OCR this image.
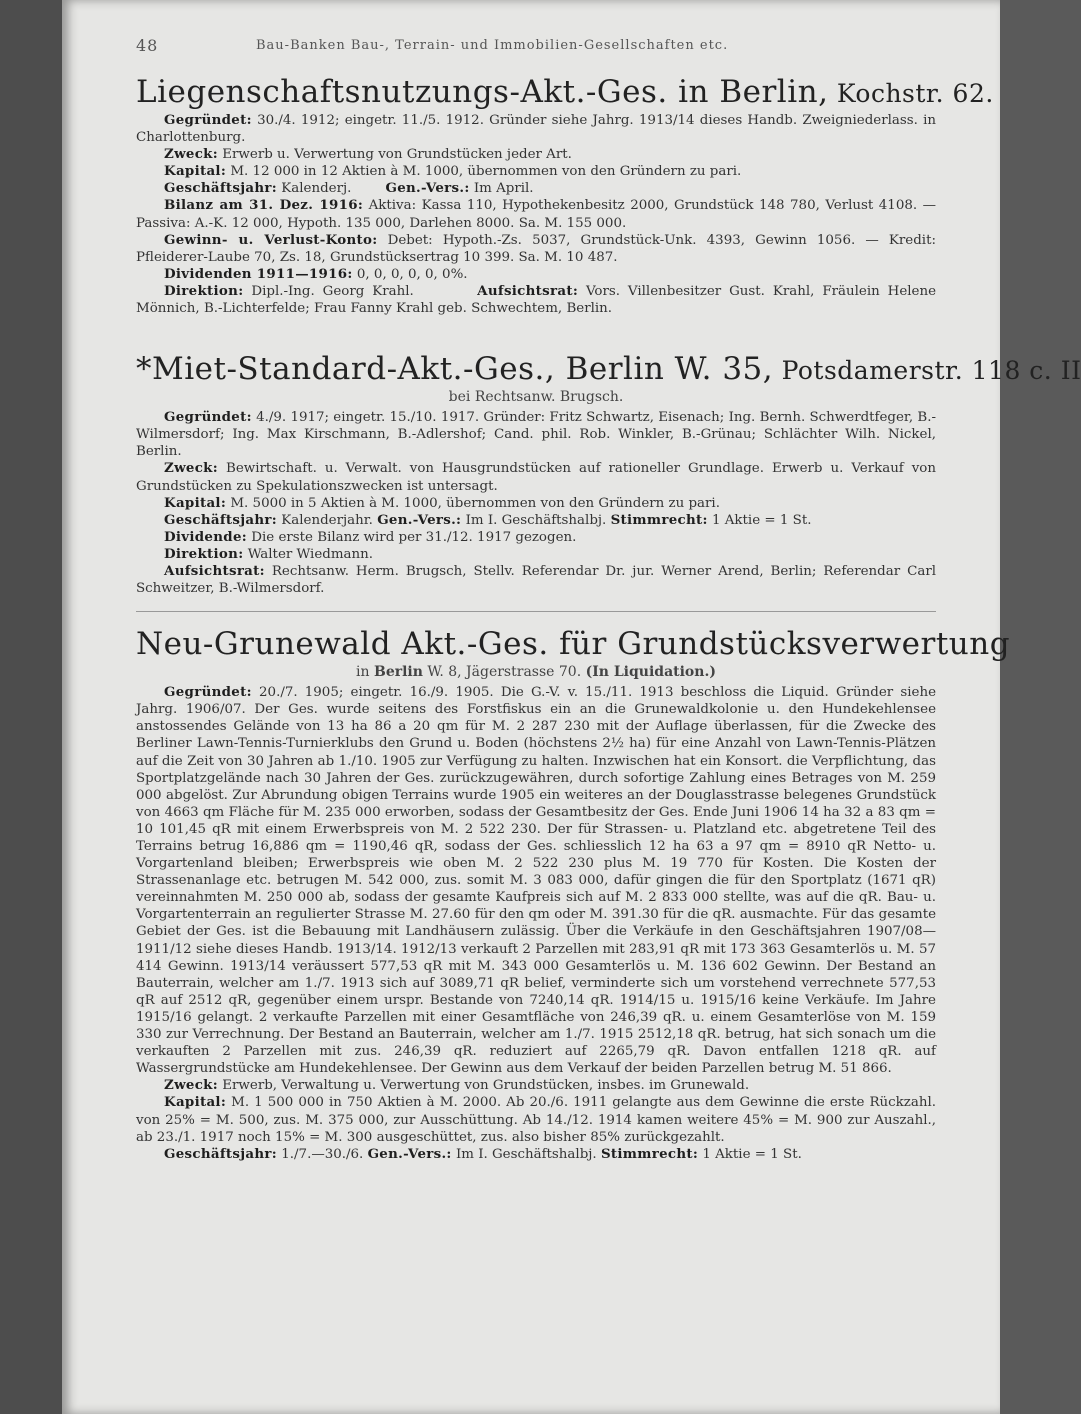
48	Bau-Banken Bau-, Terrain- und Immobilien-Gesellschaften etc.
Liegenschaftsnutzungs-Akt.-Ges. in Berlin, Kochstr. 62.

Gegründet: 30./4. 1912; eingetr. 11./5. 1912. Gründer siehe Jahrg. 1913/14 dieses Handb. Zweigniederlass. in Charlottenburg.

Zweck: Erwerb u. Verwertung von Grundstücken jeder Art.

Kapital: M. 12 000 in 12 Aktien à M. 1000, übernommen von den Gründern zu pari.

Geschäftsjahr: Kalenderj.	Gen.-Vers.: Im April.

Bilanz am 31. Dez. 1916: Aktiva: Kassa 110, Hypothekenbesitz 2000, Grundstück 148 780, Verlust 4108. — Passiva: A.-K. 12 000, Hypoth. 135 000, Darlehen 8000. Sa. M. 155 000.

Gewinn- u. Verlust-Konto: Debet: Hypoth.-Zs. 5037, Grundstück-Unk. 4393, Gewinn 1056. — Kredit: Pfleiderer-Laube 70, Zs. 18, Grundstücksertrag 10 399. Sa. M. 10 487.

Dividenden 1911—1916: 0, 0, 0, 0, 0, 0%.

Direktion: Dipl.-Ing. Georg Krahl.	Aufsichtsrat: Vors. Villenbesitzer Gust. Krahl, Fräulein Helene Mönnich, B.-Lichterfelde; Frau Fanny Krahl geb. Schwechtem, Berlin.

*Miet-Standard-Akt.-Ges., Berlin W. 35, Potsdamerstr. 118 c. II
bei Rechtsanw. Brugsch.

Gegründet: 4./9. 1917; eingetr. 15./10. 1917. Gründer: Fritz Schwartz, Eisenach; Ing. Bernh. Schwerdtfeger, B.-Wilmersdorf; Ing. Max Kirschmann, B.-Adlershof; Cand. phil. Rob. Winkler, B.-Grünau; Schlächter Wilh. Nickel, Berlin.

Zweck: Bewirtschaft. u. Verwalt. von Hausgrundstücken auf rationeller Grundlage. Erwerb u. Verkauf von Grundstücken zu Spekulationszwecken ist untersagt.

Kapital: M. 5000 in 5 Aktien à M. 1000, übernommen von den Gründern zu pari.

Geschäftsjahr: Kalenderjahr. Gen.-Vers.: Im I. Geschäftshalbj. Stimmrecht: 1 Aktie = 1 St.

Dividende: Die erste Bilanz wird per 31./12. 1917 gezogen.

Direktion: Walter Wiedmann.

Aufsichtsrat: Rechtsanw. Herm. Brugsch, Stellv. Referendar Dr. jur. Werner Arend, Berlin; Referendar Carl Schweitzer, B.-Wilmersdorf.

Neu-Grunewald Akt.-Ges. für Grundstücksverwertung
in Berlin W. 8, Jägerstrasse 70. (In Liquidation.)

Gegründet: 20./7. 1905; eingetr. 16./9. 1905. Die G.-V. v. 15./11. 1913 beschloss die Liquid. Gründer siehe Jahrg. 1906/07. Der Ges. wurde seitens des Forstfiskus ein an die Grunewaldkolonie u. den Hundekehlensee anstossendes Gelände von 13 ha 86 a 20 qm für M. 2 287 230 mit der Auflage überlassen, für die Zwecke des Berliner Lawn-Tennis-Turnierklubs den Grund u. Boden (höchstens 2½ ha) für eine Anzahl von Lawn-Tennis-Plätzen auf die Zeit von 30 Jahren ab 1./10. 1905 zur Verfügung zu halten. Inzwischen hat ein Konsort. die Verpflichtung, das Sportplatzgelände nach 30 Jahren der Ges. zurückzugewähren, durch sofortige Zahlung eines Betrages von M. 259 000 abgelöst. Zur Abrundung obigen Terrains wurde 1905 ein weiteres an der Douglasstrasse belegenes Grundstück von 4663 qm Fläche für M. 235 000 erworben, sodass der Gesamtbesitz der Ges. Ende Juni 1906 14 ha 32 a 83 qm = 10 101,45 qR mit einem Erwerbspreis von M. 2 522 230. Der für Strassen- u. Platzland etc. abgetretene Teil des Terrains betrug 16,886 qm = 1190,46 qR, sodass der Ges. schliesslich 12 ha 63 a 97 qm = 8910 qR Netto- u. Vorgartenland bleiben; Erwerbspreis wie oben M. 2 522 230 plus M. 19 770 für Kosten. Die Kosten der Strassenanlage etc. betrugen M. 542 000, zus. somit M. 3 083 000, dafür gingen die für den Sportplatz (1671 qR) vereinnahmten M. 250 000 ab, sodass der gesamte Kaufpreis sich auf M. 2 833 000 stellte, was auf die qR. Bau- u. Vorgartenterrain an regulierter Strasse M. 27.60 für den qm oder M. 391.30 für die qR. ausmachte. Für das gesamte Gebiet der Ges. ist die Bebauung mit Landhäusern zulässig. Über die Verkäufe in den Geschäftsjahren 1907/08—1911/12 siehe dieses Handb. 1913/14. 1912/13 verkauft 2 Parzellen mit 283,91 qR mit 173 363 Gesamterlös u. M. 57 414 Gewinn. 1913/14 veräussert 577,53 qR mit M. 343 000 Gesamterlös u. M. 136 602 Gewinn. Der Bestand an Bauterrain, welcher am 1./7. 1913 sich auf 3089,71 qR belief, verminderte sich um vorstehend verrechnete 577,53 qR auf 2512 qR, gegenüber einem urspr. Bestande von 7240,14 qR. 1914/15 u. 1915/16 keine Verkäufe. Im Jahre 1915/16 gelangt. 2 verkaufte Parzellen mit einer Gesamtfläche von 246,39 qR. u. einem Gesamterlöse von M. 159 330 zur Verrechnung. Der Bestand an Bauterrain, welcher am 1./7. 1915 2512,18 qR. betrug, hat sich sonach um die verkauften 2 Parzellen mit zus. 246,39 qR. reduziert auf 2265,79 qR. Davon entfallen 1218 qR. auf Wassergrundstücke am Hundekehlensee. Der Gewinn aus dem Verkauf der beiden Parzellen betrug M. 51 866.

Zweck: Erwerb, Verwaltung u. Verwertung von Grundstücken, insbes. im Grunewald.

Kapital: M. 1 500 000 in 750 Aktien à M. 2000. Ab 20./6. 1911 gelangte aus dem Gewinne die erste Rückzahl. von 25% = M. 500, zus. M. 375 000, zur Ausschüttung. Ab 14./12. 1914 kamen weitere 45% = M. 900 zur Auszahl., ab 23./1. 1917 noch 15% = M. 300 ausgeschüttet, zus. also bisher 85% zurückgezahlt.

Geschäftsjahr: 1./7.—30./6. Gen.-Vers.: Im I. Geschäftshalbj. Stimmrecht: 1 Aktie = 1 St.
